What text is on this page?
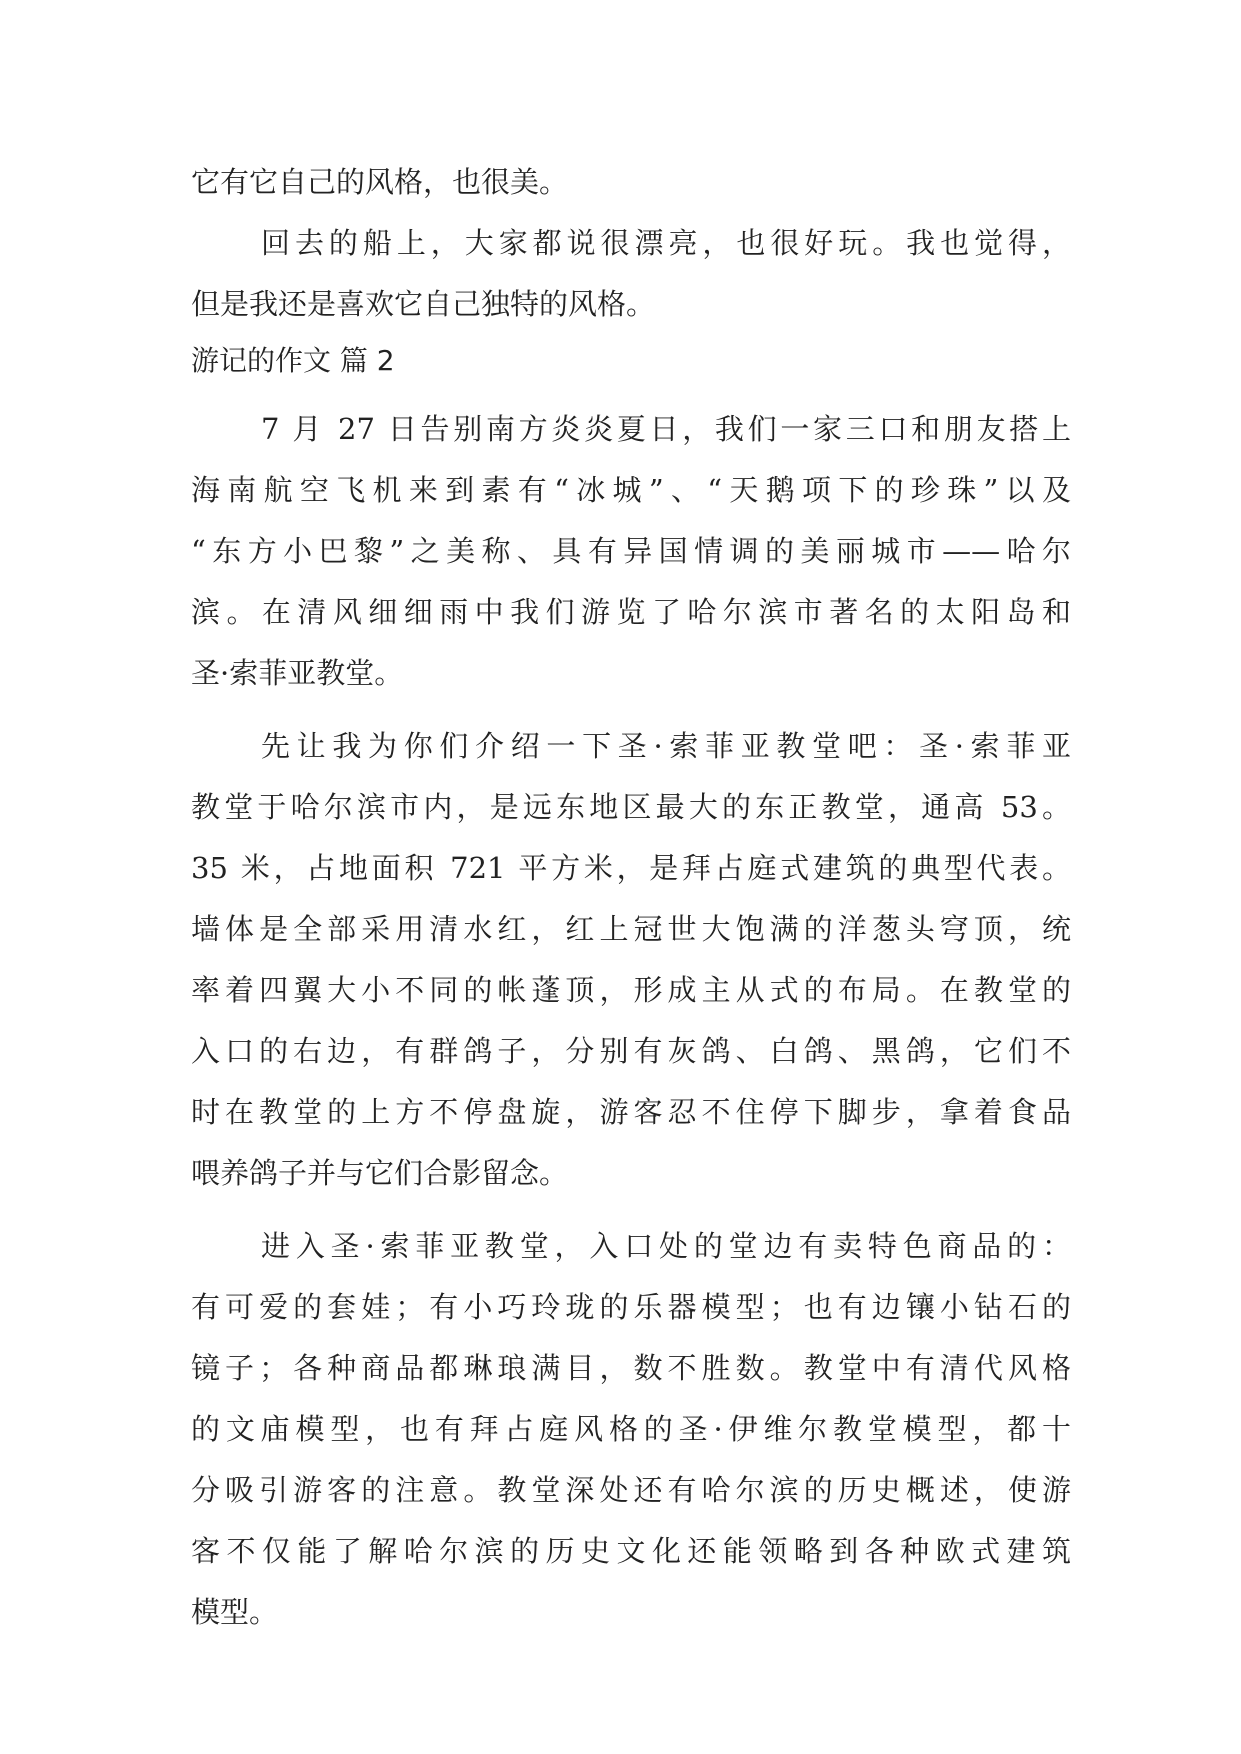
它有它自己的风格，也很美。
回去的船上，大家都说很漂亮，也很好玩。我也觉得，
但是我还是喜欢它自己独特的风格。
游记的作文 篇 2
7 月 27 日告别南方炎炎夏日，我们一家三口和朋友搭上
海南航空飞机来到素有“冰城”、“天鹅项下的珍珠”以及
“东方小巴黎”之美称、具有异国情调的美丽城市——哈尔
滨。在清风细细雨中我们游览了哈尔滨市著名的太阳岛和
圣·索菲亚教堂。
先让我为你们介绍一下圣·索菲亚教堂吧：圣·索菲亚
教堂于哈尔滨市内，是远东地区最大的东正教堂，通高 53。
35 米，占地面积 721 平方米，是拜占庭式建筑的典型代表。
墙体是全部采用清水红，红上冠世大饱满的洋葱头穹顶，统
率着四翼大小不同的帐蓬顶，形成主从式的布局。在教堂的
入口的右边，有群鸽子，分别有灰鸽、白鸽、黑鸽，它们不
时在教堂的上方不停盘旋，游客忍不住停下脚步，拿着食品
喂养鸽子并与它们合影留念。
进入圣·索菲亚教堂，入口处的堂边有卖特色商品的：
有可爱的套娃；有小巧玲珑的乐器模型；也有边镶小钻石的
镜子；各种商品都琳琅满目，数不胜数。教堂中有清代风格
的文庙模型，也有拜占庭风格的圣·伊维尔教堂模型，都十
分吸引游客的注意。教堂深处还有哈尔滨的历史概述，使游
客不仅能了解哈尔滨的历史文化还能领略到各种欧式建筑
模型。
